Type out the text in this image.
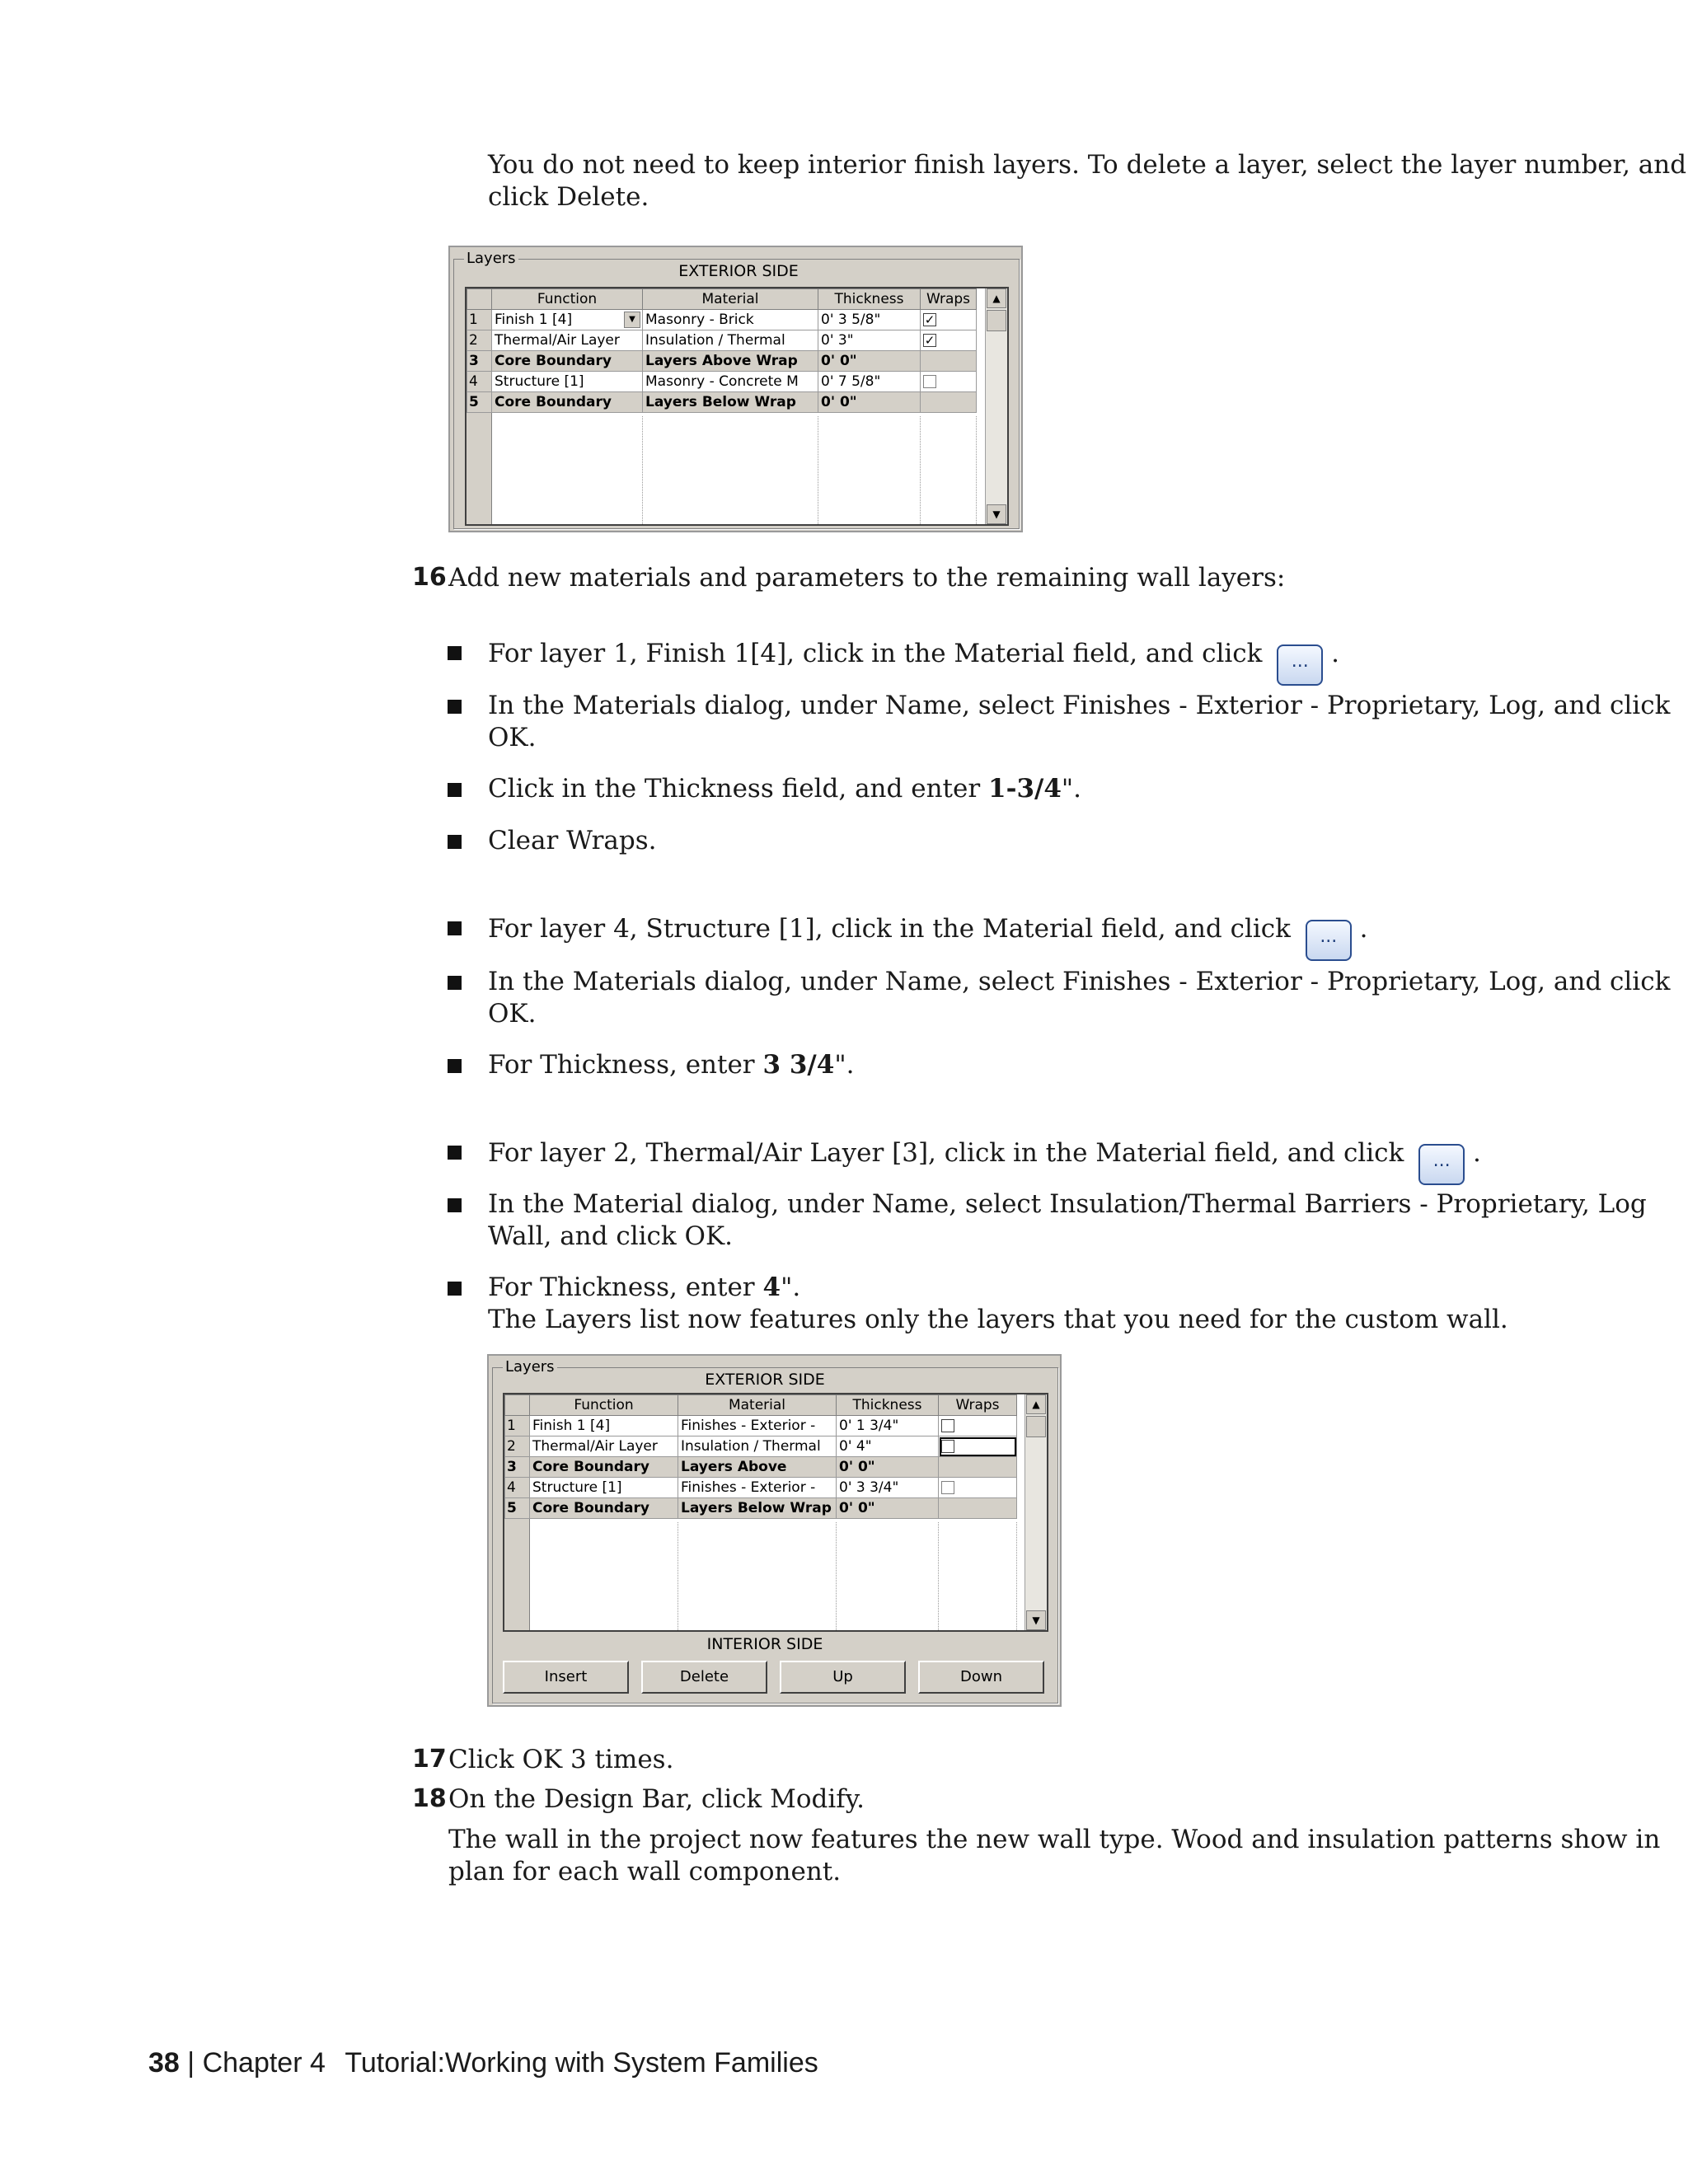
You do not need to keep interior finish layers. To delete a layer, select the layer number, and
click Delete.
Layers
EXTERIOR SIDE
	Function	Material	Thickness	Wraps
1	Finish 1 [4] ▼	Masonry - Brick	0' 3 5/8"	✓
2	Thermal/Air Layer	Insulation / Thermal	0' 3"	✓
3	Core Boundary	Layers Above Wrap	0' 0"	
4	Structure [1]	Masonry - Concrete M	0' 7 5/8"	
5	Core Boundary	Layers Below Wrap	0' 0"	
▲
▼
16 Add new materials and parameters to the remaining wall layers:
For layer 1, Finish 1[4], click in the Material field, and click ... .
In the Materials dialog, under Name, select Finishes - Exterior - Proprietary, Log, and click
OK.
Click in the Thickness field, and enter 1-3/4".
Clear Wraps.
For layer 4, Structure [1], click in the Material field, and click ... .
In the Materials dialog, under Name, select Finishes - Exterior - Proprietary, Log, and click
OK.
For Thickness, enter 3 3/4".
For layer 2, Thermal/Air Layer [3], click in the Material field, and click ... .
In the Material dialog, under Name, select Insulation/Thermal Barriers - Proprietary, Log
Wall, and click OK.
For Thickness, enter 4".
The Layers list now features only the layers that you need for the custom wall.
Layers
EXTERIOR SIDE
	Function	Material	Thickness	Wraps
1	Finish 1 [4]	Finishes - Exterior -	0' 1 3/4"	
2	Thermal/Air Layer	Insulation / Thermal	0' 4"	
3	Core Boundary	Layers Above	0' 0"	
4	Structure [1]	Finishes - Exterior -	0' 3 3/4"	
5	Core Boundary	Layers Below Wrap	0' 0"	
▲
▼
INTERIOR SIDE
Insert	Delete	Up	Down
17 Click OK 3 times.
18 On the Design Bar, click Modify.
The wall in the project now features the new wall type. Wood and insulation patterns show in
plan for each wall component.
38 | Chapter 4 Tutorial:Working with System Families
